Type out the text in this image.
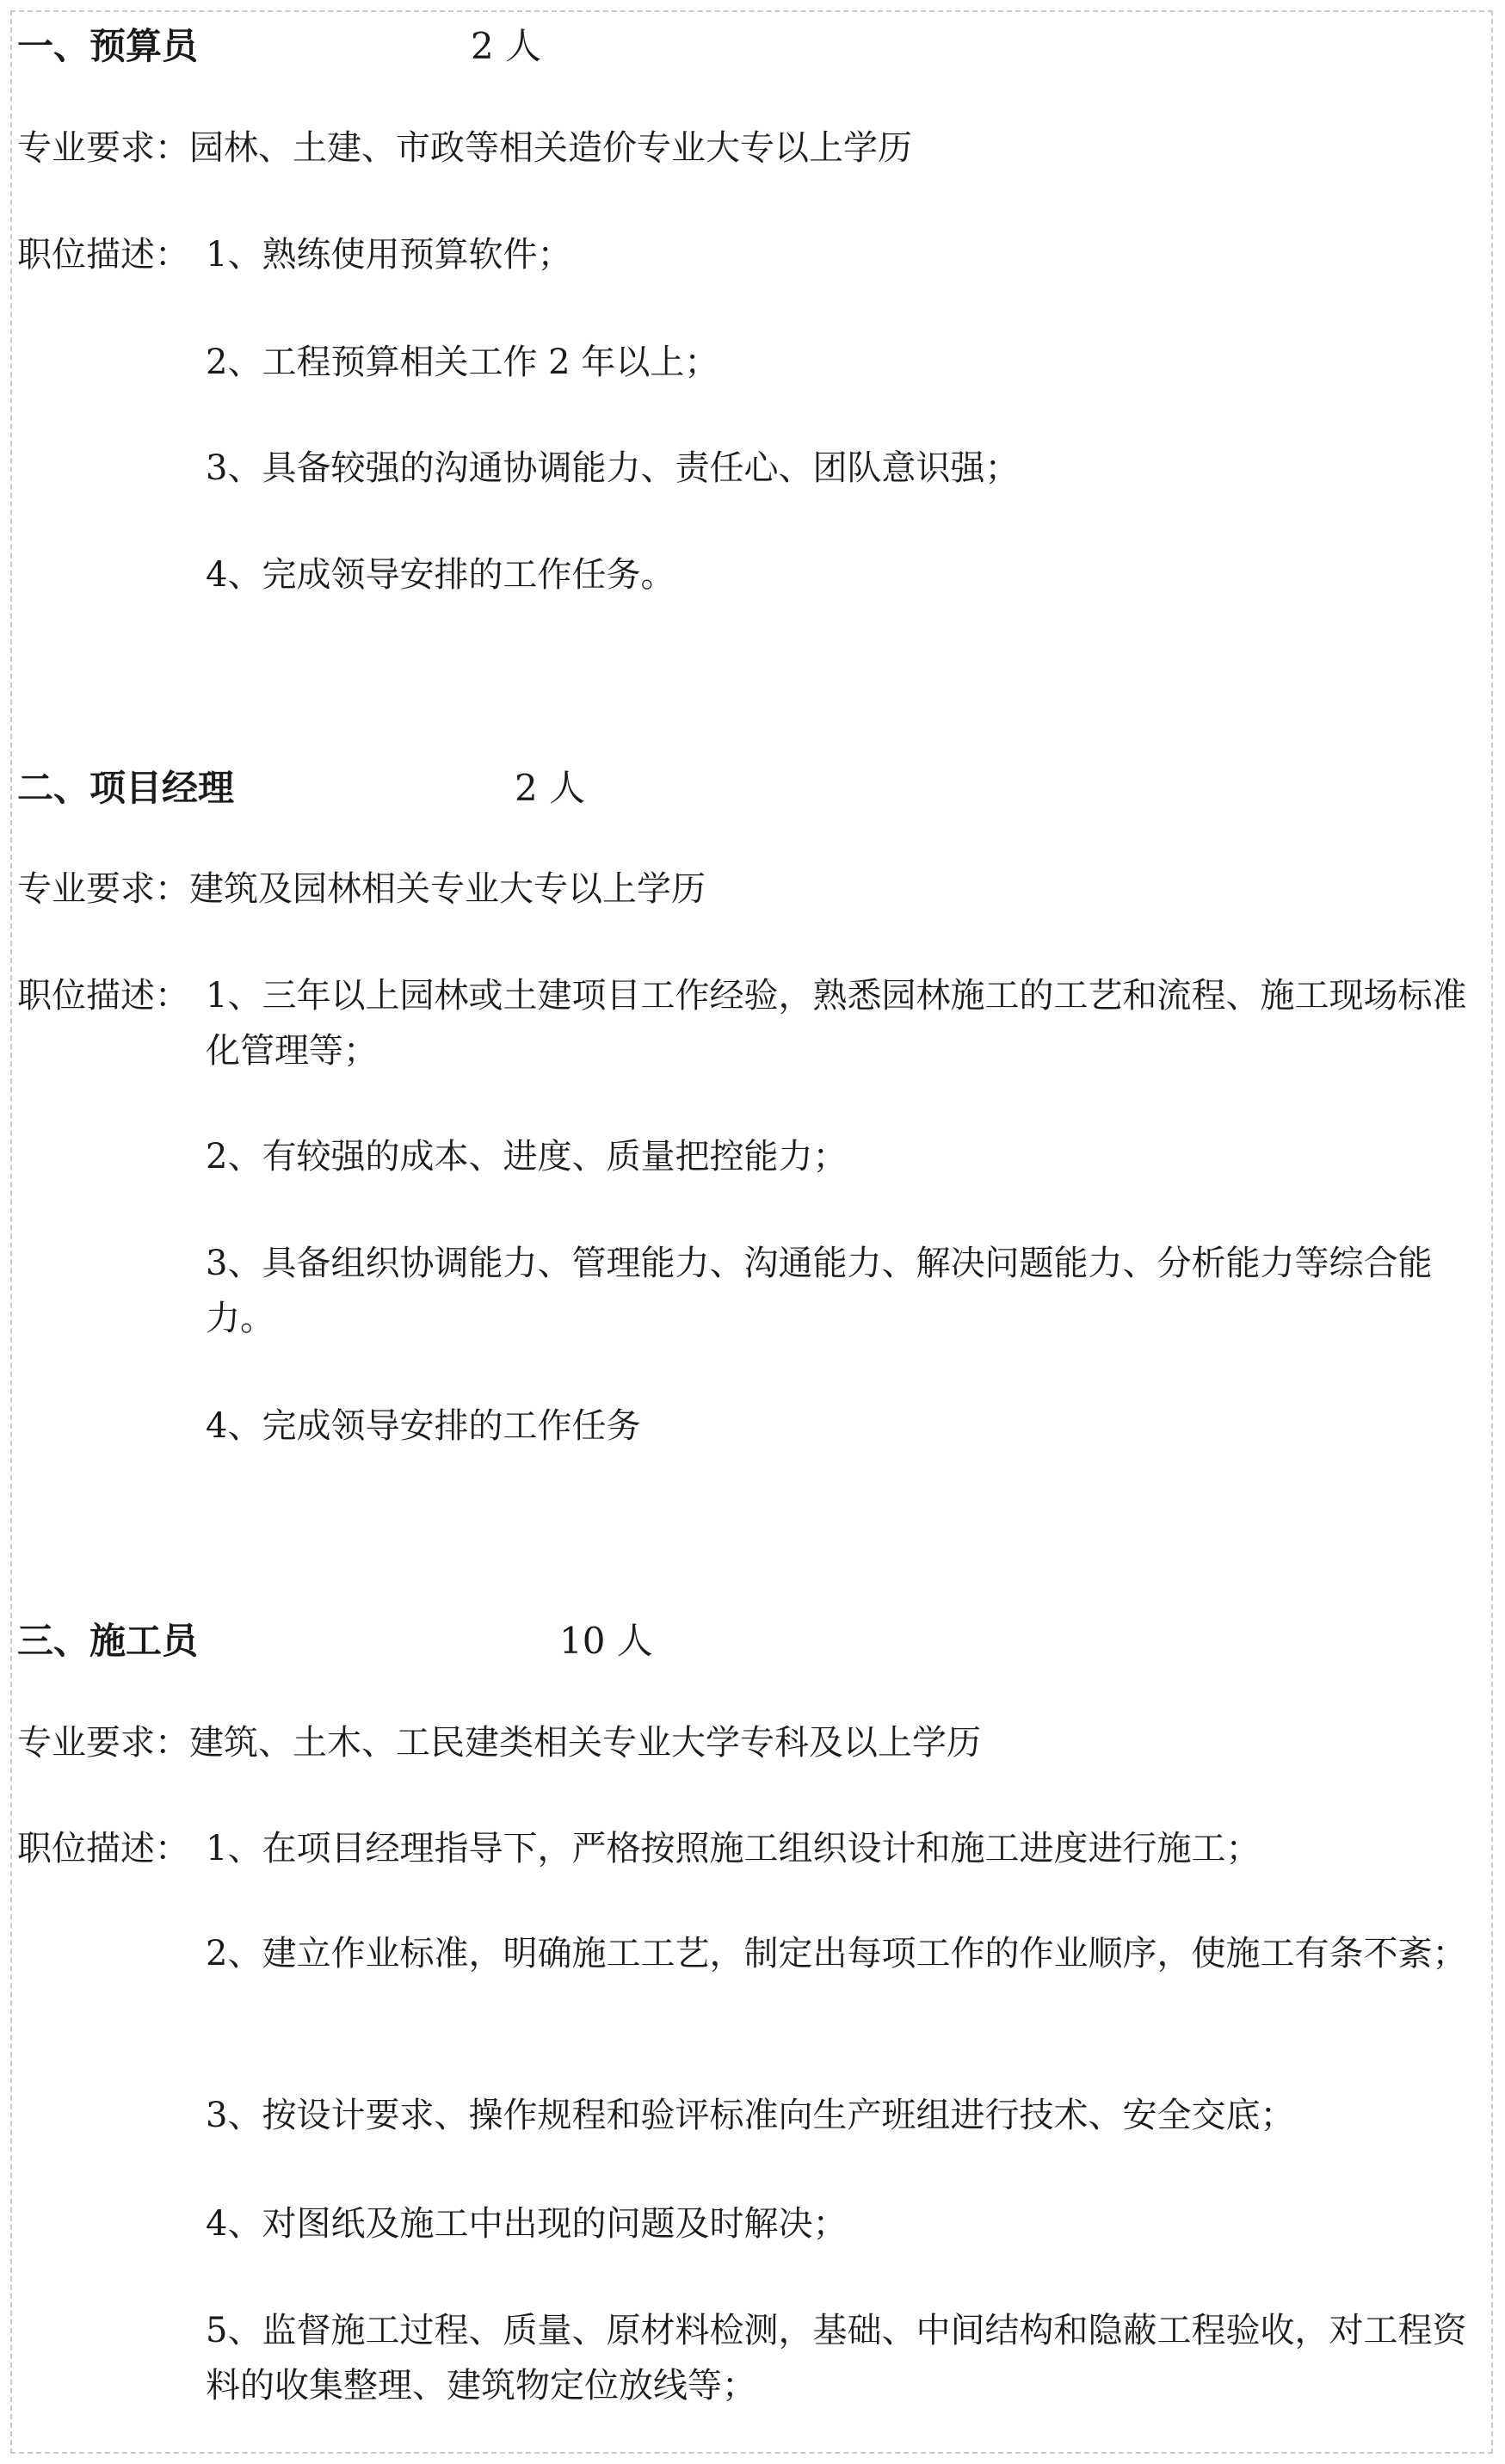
一、预算员	2 人
专业要求：园林、土建、市政等相关造价专业大专以上学历
职位描述： 1、熟练使用预算软件；
2、工程预算相关工作 2 年以上；
3、具备较强的沟通协调能力、责任心、团队意识强；
4、完成领导安排的工作任务。
二、项目经理	2 人
专业要求：建筑及园林相关专业大专以上学历
职位描述： 1、三年以上园林或土建项目工作经验，熟悉园林施工的工艺和流程、施工现场标准化管理等；
2、有较强的成本、进度、质量把控能力；
3、具备组织协调能力、管理能力、沟通能力、解决问题能力、分析能力等综合能力。
4、完成领导安排的工作任务
三、施工员	10 人
专业要求：建筑、土木、工民建类相关专业大学专科及以上学历
职位描述： 1、在项目经理指导下，严格按照施工组织设计和施工进度进行施工；
2、建立作业标准，明确施工工艺，制定出每项工作的作业顺序，使施工有条不紊；
3、按设计要求、操作规程和验评标准向生产班组进行技术、安全交底；
4、对图纸及施工中出现的问题及时解决；
5、监督施工过程、质量、原材料检测，基础、中间结构和隐蔽工程验收，对工程资料的收集整理、建筑物定位放线等；
